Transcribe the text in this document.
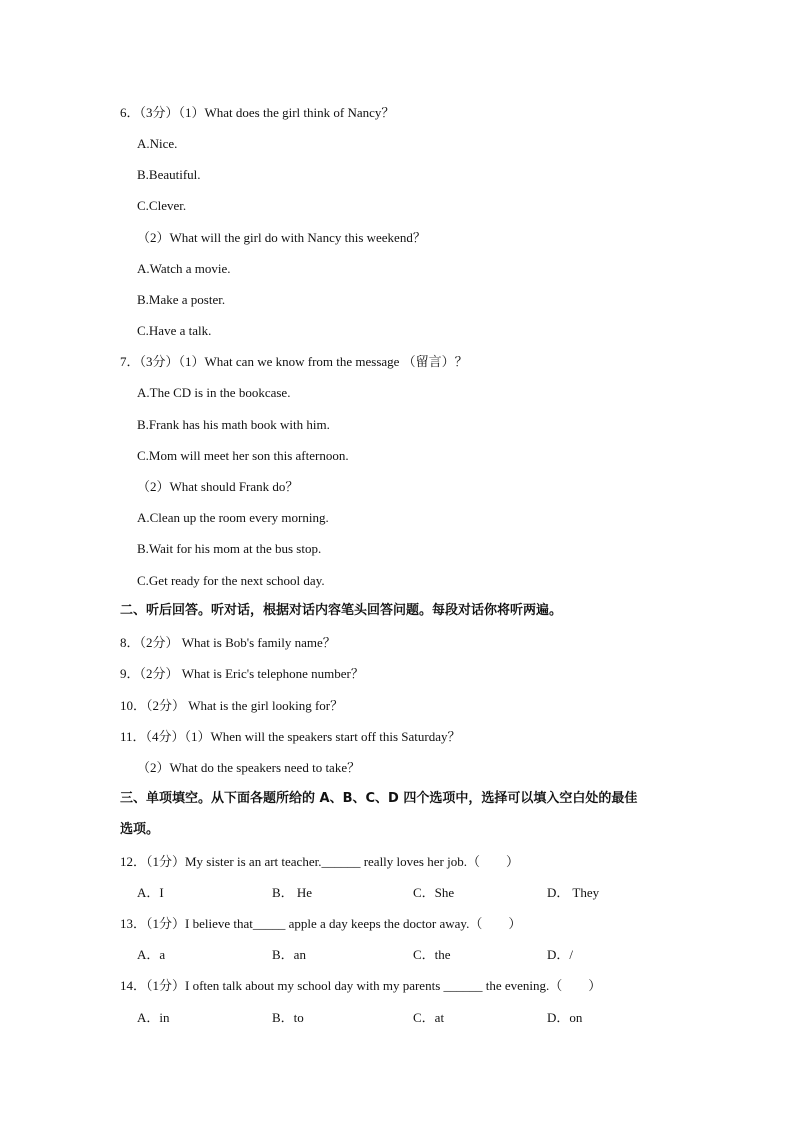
6．（3分）（1）What does the girl think of Nancy？
A.Nice.
B.Beautiful.
C.Clever.
（2）What will the girl do with Nancy this weekend？
A.Watch a movie.
B.Make a poster.
C.Have a talk.
7．（3分）（1）What can we know from the message （留言）？
A.The CD is in the bookcase.
B.Frank has his math book with him.
C.Mom will meet her son this afternoon.
（2）What should Frank do？
A.Clean up the room every morning.
B.Wait for his mom at the bus stop.
C.Get ready for the next school day.
二、听后回答。听对话，根据对话内容笔头回答问题。每段对话你将听两遍。
8．（2分） What is Bob's family name？
9．（2分） What is Eric's telephone number？
10．（2分） What is the girl looking for？
11．（4分）（1）When will the speakers start off this Saturday？
（2）What do the speakers need to take？
三、单项填空。从下面各题所给的 A、B、C、D 四个选项中，选择可以填入空白处的最佳
选项。
12．（1分）My sister is an art teacher.______ really loves her job.（　　）
A．I	B． He	C．She	D． They
13．（1分）I believe that_____ apple a day keeps the doctor away.（　　）
A．a	B．an	C．the	D．/
14．（1分）I often talk about my school day with my parents ______ the evening.（　　）
A．in	B．to	C．at	D．on
